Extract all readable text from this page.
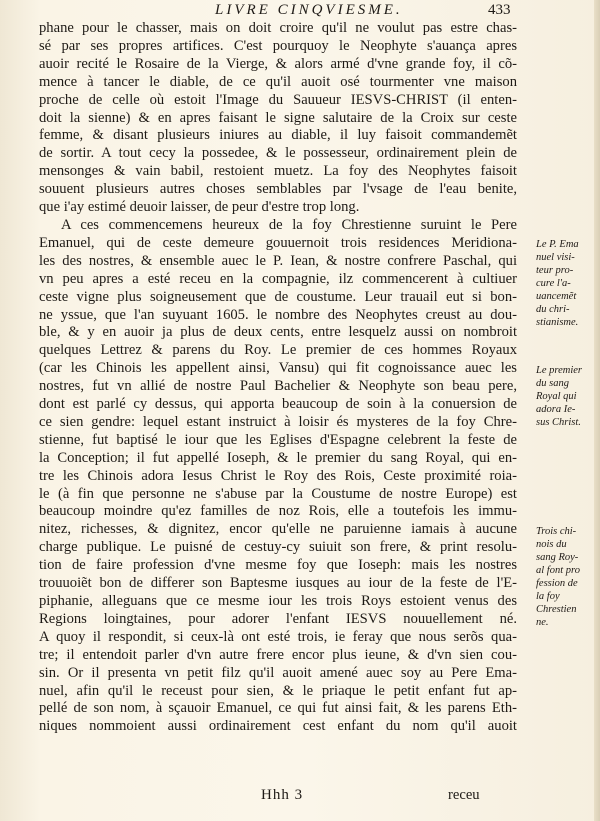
LIVRE CINQVIESME.	433
phane pour le chasser, mais on doit croire qu'il ne voulut pas estre chas-
sé par ses propres artifices. C'est pourquoy le Neophyte s'auança apres
auoir recité le Rosaire de la Vierge, & alors armé d'vne grande foy, il cõ-
mence à tancer le diable, de ce qu'il auoit osé tourmenter vne maison
proche de celle où estoit l'Image du Sauueur IESVS-CHRIST (il enten-
doit la sienne) & en apres faisant le signe salutaire de la Croix sur ceste
femme, & disant plusieurs iniures au diable, il luy faisoit commandemẽt
de sortir. A tout cecy la possedee, & le possesseur, ordinairement plein de
mensonges & vain babil, restoient muetz. La foy des Neophytes faisoit
souuent plusieurs autres choses semblables par l'vsage de l'eau benite,
que i'ay estimé deuoir laisser, de peur d'estre trop long.
A ces commencemens heureux de la foy Chrestienne suruint le Pere
Emanuel, qui de ceste demeure gouuernoit trois residences Meridiona-
les des nostres, & ensemble auec le P. Iean, & nostre confrere Paschal, qui
vn peu apres a esté receu en la compagnie, ilz commencerent à cultiuer
ceste vigne plus soigneusement que de coustume. Leur trauail eut si bon-
ne yssue, que l'an suyuant 1605. le nombre des Neophytes creust au dou-
ble, & y en auoir ja plus de deux cents, entre lesquelz aussi on nombroit
quelques Lettrez & parens du Roy. Le premier de ces hommes Royaux
(car les Chinois les appellent ainsi, Vansu) qui fit cognoissance auec les
nostres, fut vn allié de nostre Paul Bachelier & Neophyte son beau pere,
dont est parlé cy dessus, qui apporta beaucoup de soin à la conuersion de
ce sien gendre: lequel estant instruict à loisir és mysteres de la foy Chre-
stienne, fut baptisé le iour que les Eglises d'Espagne celebrent la feste de
la Conception; il fut appellé Ioseph, & le premier du sang Royal, qui en-
tre les Chinois adora Iesus Christ le Roy des Rois, Ceste proximité roia-
le (à fin que personne ne s'abuse par la Coustume de nostre Europe) est
beaucoup moindre qu'ez familles de noz Rois, elle a toutefois les immu-
nitez, richesses, & dignitez, encor qu'elle ne paruienne iamais à aucune
charge publique. Le puisné de cestuy-cy suiuit son frere, & print resolu-
tion de faire profession d'vne mesme foy que Ioseph: mais les nostres
trouuoiẽt bon de differer son Baptesme iusques au iour de la feste de l'E-
piphanie, alleguans que ce mesme iour les trois Roys estoient venus des
Regions loingtaines, pour adorer l'enfant IESVS nouuellement né.
A quoy il respondit, si ceux-là ont esté trois, ie feray que nous serõs qua-
tre; il entendoit parler d'vn autre frere encor plus ieune, & d'vn sien cou-
sin. Or il presenta vn petit filz qu'il auoit amené auec soy au Pere Ema-
nuel, afin qu'il le receust pour sien, & le priaque le petit enfant fut ap-
pellé de son nom, à sçauoir Emanuel, ce qui fut ainsi fait, & les parens Eth-
niques nommoient aussi ordinairement cest enfant du nom qu'il auoit
Le P. Ema
nuel visi-
teur pro-
cure l'a-
uancemẽt
du chri-
stianisme.
Le premier
du sang
Royal qui
adora Ie-
sus Christ.
Trois chi-
nois du
sang Roy-
al font pro
fession de
la foy
Chrestien
ne.
Hhh 3	receu
